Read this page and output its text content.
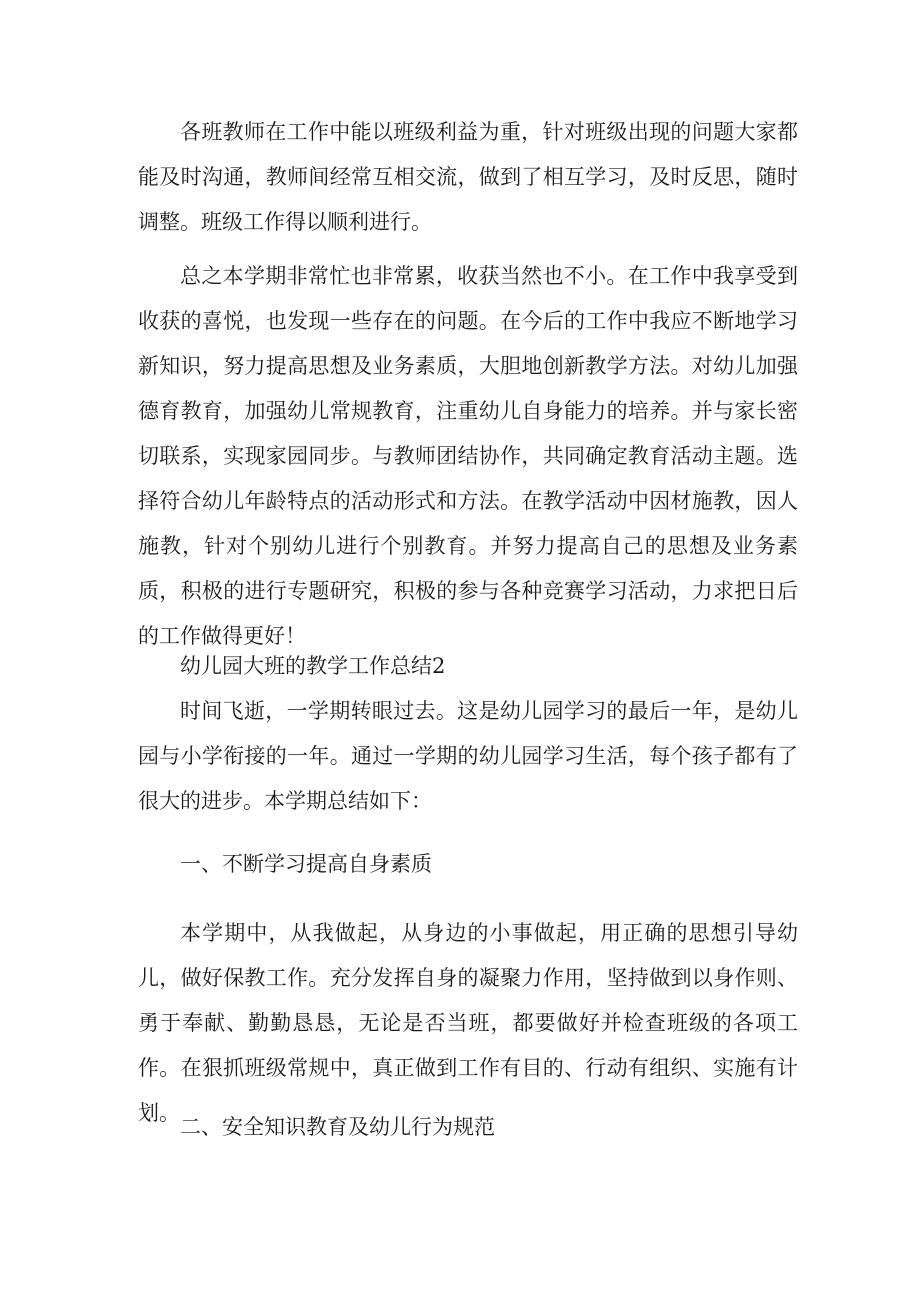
各班教师在工作中能以班级利益为重，针对班级出现的问题大家都能及时沟通，教师间经常互相交流，做到了相互学习，及时反思，随时调整。班级工作得以顺利进行。

总之本学期非常忙也非常累，收获当然也不小。在工作中我享受到收获的喜悦，也发现一些存在的问题。在今后的工作中我应不断地学习新知识，努力提高思想及业务素质，大胆地创新教学方法。对幼儿加强德育教育，加强幼儿常规教育，注重幼儿自身能力的培养。并与家长密切联系，实现家园同步。与教师团结协作，共同确定教育活动主题。选择符合幼儿年龄特点的活动形式和方法。在教学活动中因材施教，因人施教，针对个别幼儿进行个别教育。并努力提高自己的思想及业务素质，积极的进行专题研究，积极的参与各种竞赛学习活动，力求把日后的工作做得更好！

幼儿园大班的教学工作总结2

时间飞逝，一学期转眼过去。这是幼儿园学习的最后一年，是幼儿园与小学衔接的一年。通过一学期的幼儿园学习生活，每个孩子都有了很大的进步。本学期总结如下：

一、不断学习提高自身素质

本学期中，从我做起，从身边的小事做起，用正确的思想引导幼儿，做好保教工作。充分发挥自身的凝聚力作用，坚持做到以身作则、勇于奉献、勤勤恳恳，无论是否当班，都要做好并检查班级的各项工作。在狠抓班级常规中，真正做到工作有目的、行动有组织、实施有计划。

二、安全知识教育及幼儿行为规范
